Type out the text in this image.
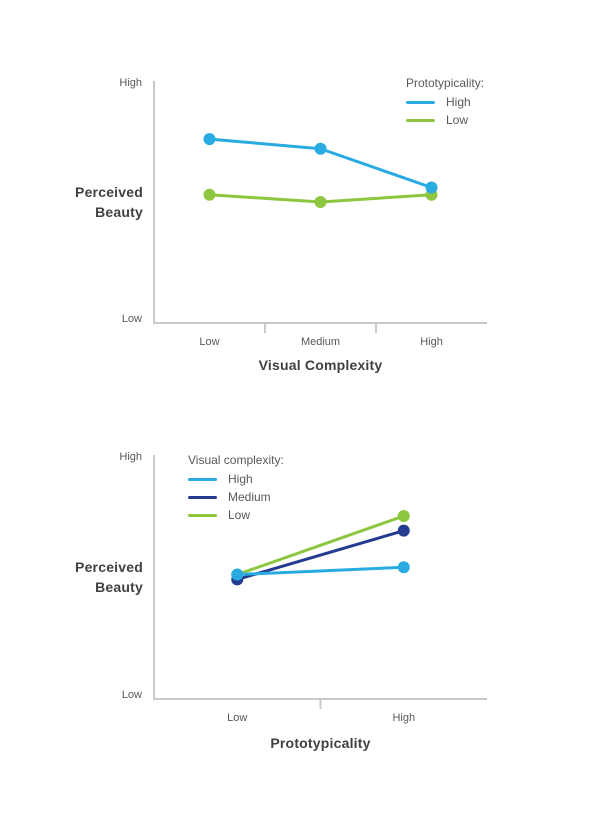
High
Low
Perceived
Beauty
Low	Medium	High
Visual Complexity
Prototypicality:
High
Low
High
Low
Perceived
Beauty
Low	High
Prototypicality
Visual complexity:
High
Medium
Low
